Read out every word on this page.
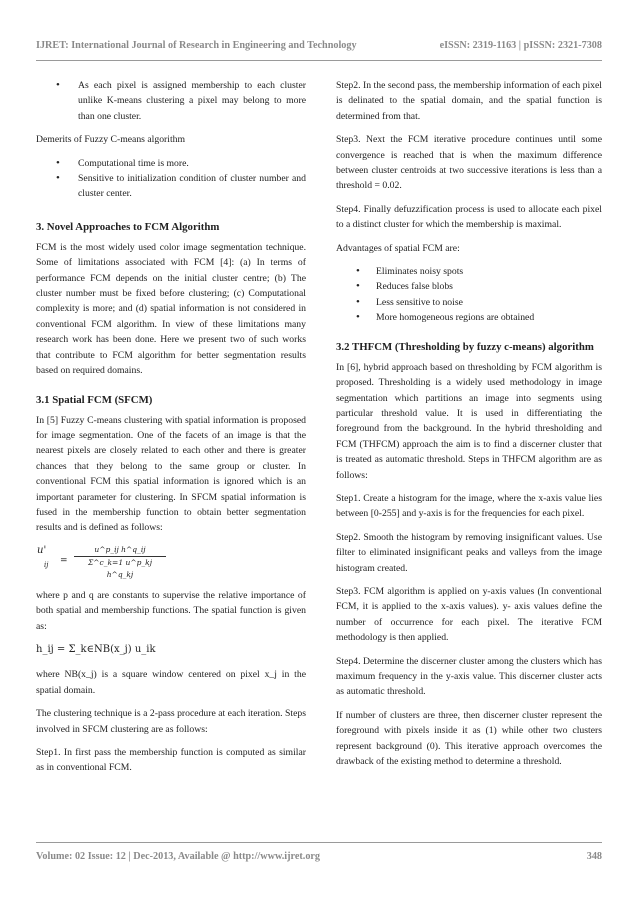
IJRET: International Journal of Research in Engineering and Technology	eISSN: 2319-1163 | pISSN: 2321-7308
• As each pixel is assigned membership to each cluster unlike K-means clustering a pixel may belong to more than one cluster.

Demerits of Fuzzy C-means algorithm

• Computational time is more.
• Sensitive to initialization condition of cluster number and cluster center.
3. Novel Approaches to FCM Algorithm

FCM is the most widely used color image segmentation technique. Some of limitations associated with FCM [4]: (a) In terms of performance FCM depends on the initial cluster centre; (b) The cluster number must be fixed before clustering; (c) Computational complexity is more; and (d) spatial information is not considered in conventional FCM algorithm. In view of these limitations many research work has been done. Here we present two of such works that contribute to FCM algorithm for better segmentation results based on required domains.

3.1 Spatial FCM (SFCM)

In [5] Fuzzy C-means clustering with spatial information is proposed for image segmentation. One of the facets of an image is that the nearest pixels are closely related to each other and there is greater chances that they belong to the same group or cluster. In conventional FCM this spatial information is ignored which is an important parameter for clustering. In SFCM spatial information is fused in the membership function to obtain better segmentation results and is defined as follows:

u'
ij = $\frac{\text{u\textasciicircum{}p\_ij h\textasciicircum{}q\_ij}}{\text{Σ\textasciicircum{}c\_k=1 u\textasciicircum{}p\_kj h\textasciicircum{}q\_kj}}$

where p and q are constants to supervise the relative importance of both spatial and membership functions. The spatial function is given as:

h_ij = Σ_k∈NB(x_j) u_ik

where NB(x_j) is a square window centered on pixel x_j in the spatial domain.

The clustering technique is a 2-pass procedure at each iteration. Steps involved in SFCM clustering are as follows:

Step1. In first pass the membership function is computed as similar as in conventional FCM.

Step2. In the second pass, the membership information of each pixel is delinated to the spatial domain, and the spatial function is determined from that.

Step3. Next the FCM iterative procedure continues until some convergence is reached that is when the maximum difference between cluster centroids at two successive iterations is less than a threshold = 0.02.

Step4. Finally defuzzification process is used to allocate each pixel to a distinct cluster for which the membership is maximal.

Advantages of spatial FCM are:

• Eliminates noisy spots
• Reduces false blobs
• Less sensitive to noise
• More homogeneous regions are obtained
3.2 THFCM (Thresholding by fuzzy c-means) algorithm

In [6], hybrid approach based on thresholding by FCM algorithm is proposed. Thresholding is a widely used methodology in image segmentation which partitions an image into segments using particular threshold value. It is used in differentiating the foreground from the background. In the hybrid thresholding and FCM (THFCM) approach the aim is to find a discerner cluster that is treated as automatic threshold. Steps in THFCM algorithm are as follows:

Step1. Create a histogram for the image, where the x-axis value lies between [0-255] and y-axis is for the frequencies for each pixel.

Step2. Smooth the histogram by removing insignificant values. Use filter to eliminated insignificant peaks and valleys from the image histogram created.

Step3. FCM algorithm is applied on y-axis values (In conventional FCM, it is applied to the x-axis values). y- axis values define the number of occurrence for each pixel. The iterative FCM methodology is then applied.

Step4. Determine the discerner cluster among the clusters which has maximum frequency in the y-axis value. This discerner cluster acts as automatic threshold.

If number of clusters are three, then discerner cluster represent the foreground with pixels inside it as (1) while other two clusters represent background (0). This iterative approach overcomes the drawback of the existing method to determine a threshold.

Volume: 02 Issue: 12 | Dec-2013, Available @ http://www.ijret.org	348
